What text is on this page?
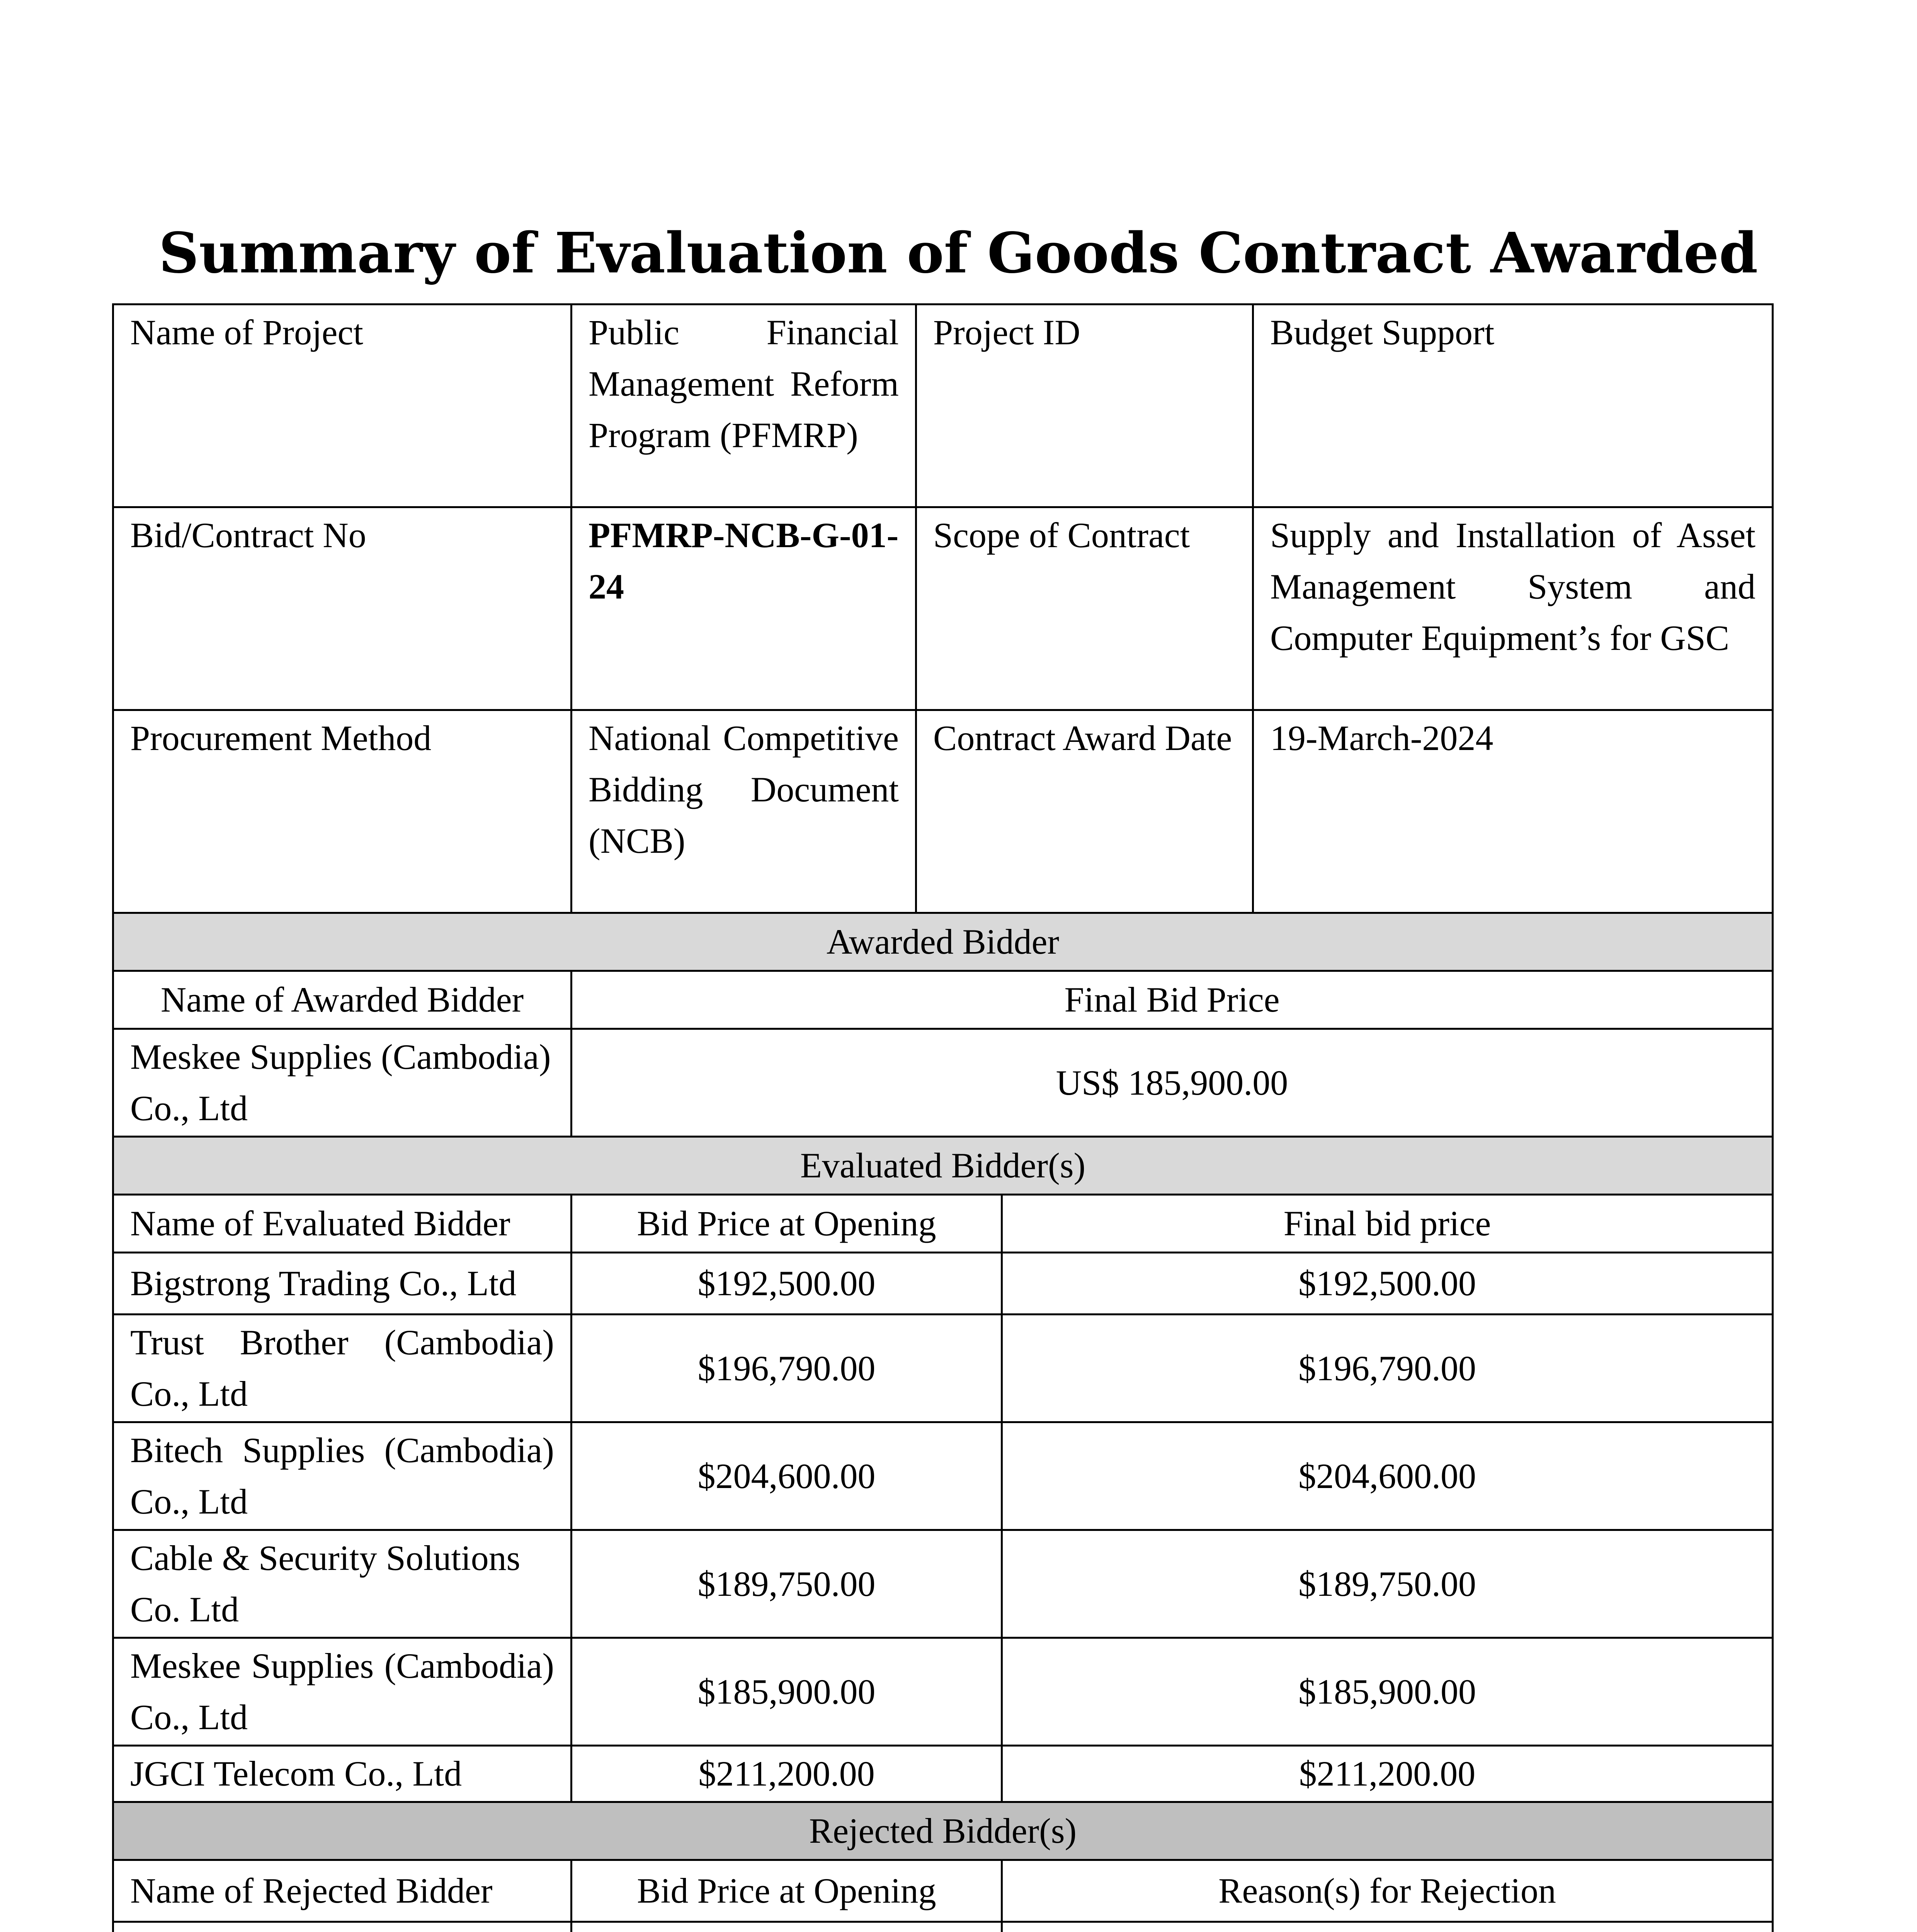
Summary of Evaluation of Goods Contract Awarded
Name of Project	Public Financial Management Reform Program (PFMRP)	Project ID		Budget Support
Bid/Contract No	PFMRP-NCB-G-01-24	Scope of Contract		Supply and Installation of Asset Management System and Computer Equipment’s for GSC
Procurement Method	National Competitive Bidding Document (NCB)	Contract Award Date		19-March-2024
Awarded Bidder				
Name of Awarded Bidder	Final Bid Price			
Meskee Supplies (Cambodia) Co., Ltd	US$ 185,900.00			
Evaluated Bidder(s)				
Name of Evaluated Bidder	Bid Price at Opening		Final bid price	
Bigstrong Trading Co., Ltd	$192,500.00		$192,500.00	
Trust Brother (Cambodia) Co., Ltd	$196,790.00		$196,790.00	
Bitech Supplies (Cambodia) Co., Ltd	$204,600.00		$204,600.00	
Cable & Security Solutions Co. Ltd	$189,750.00		$189,750.00	
Meskee Supplies (Cambodia) Co., Ltd	$185,900.00		$185,900.00	
JGCI Telecom Co., Ltd	$211,200.00		$211,200.00	
Rejected Bidder(s)				
Name of Rejected Bidder	Bid Price at Opening		Reason(s) for Rejection	
